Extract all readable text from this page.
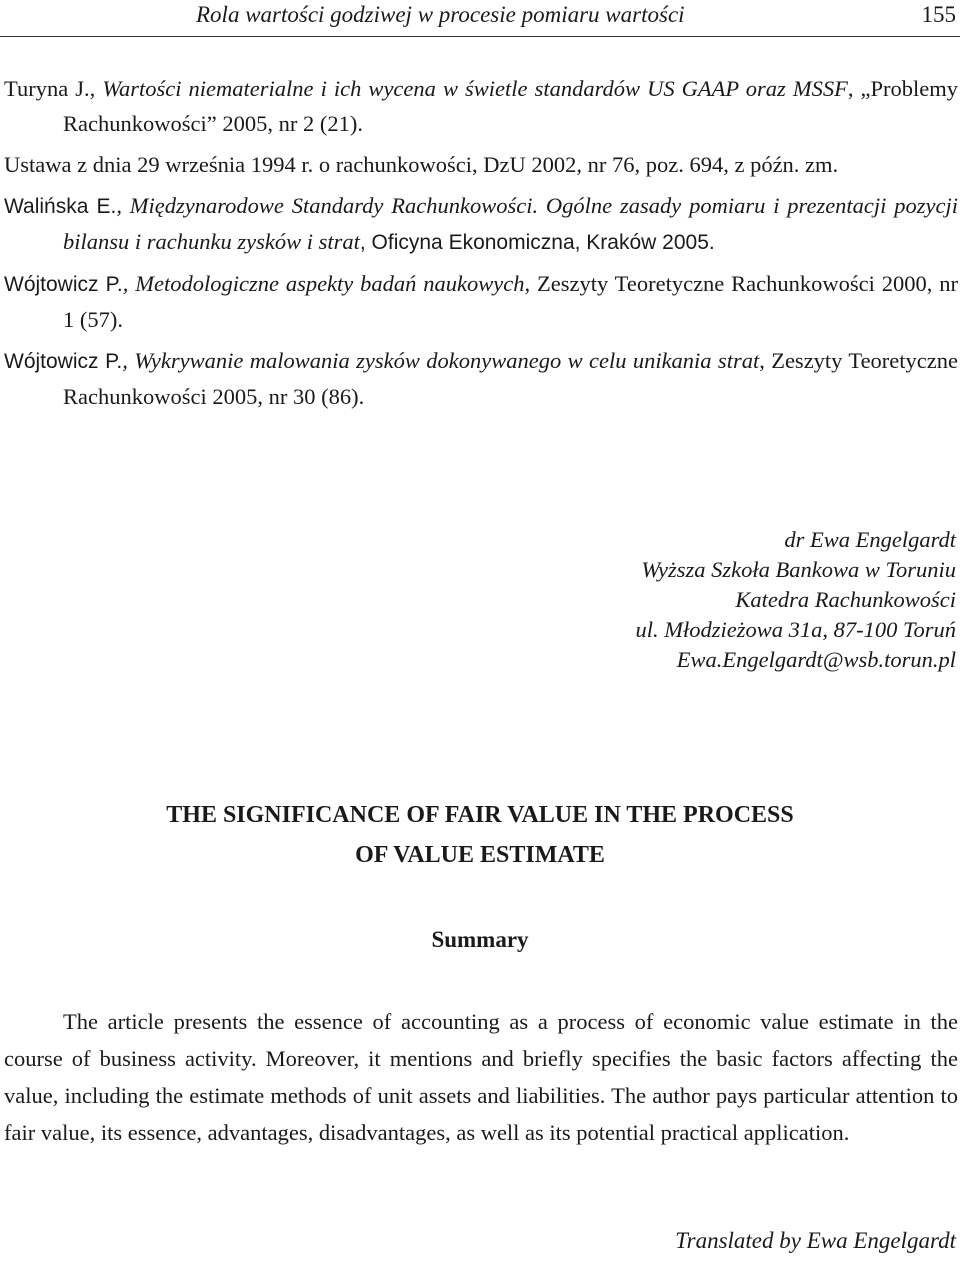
Rola wartości godziwej w procesie pomiaru wartości	155

Turyna J., Wartości niematerialne i ich wycena w świetle standardów US GAAP oraz MSSF, „Problemy Rachunkowości” 2005, nr 2 (21).

Ustawa z dnia 29 września 1994 r. o rachunkowości, DzU 2002, nr 76, poz. 694, z późn. zm.

Walińska E., Międzynarodowe Standardy Rachunkowości. Ogólne zasady pomiaru i prezentacji pozycji bilansu i rachunku zysków i strat, Oficyna Ekonomiczna, Kraków 2005.

Wójtowicz P., Metodologiczne aspekty badań naukowych, Zeszyty Teoretyczne Rachunkowości 2000, nr 1 (57).

Wójtowicz P., Wykrywanie malowania zysków dokonywanego w celu unikania strat, Zeszyty Teoretyczne Rachunkowości 2005, nr 30 (86).

dr Ewa Engelgardt
Wyższa Szkoła Bankowa w Toruniu
Katedra Rachunkowości
ul. Młodzieżowa 31a, 87-100 Toruń
Ewa.Engelgardt@wsb.torun.pl
THE SIGNIFICANCE OF FAIR VALUE IN THE PROCESS
OF VALUE ESTIMATE
Summary

The article presents the essence of accounting as a process of economic value estimate in the course of business activity. Moreover, it mentions and briefly specifies the basic factors affecting the value, including the estimate methods of unit assets and liabilities. The author pays particular attention to fair value, its essence, advantages, disadvantages, as well as its potential practical application.

Translated by Ewa Engelgardt
